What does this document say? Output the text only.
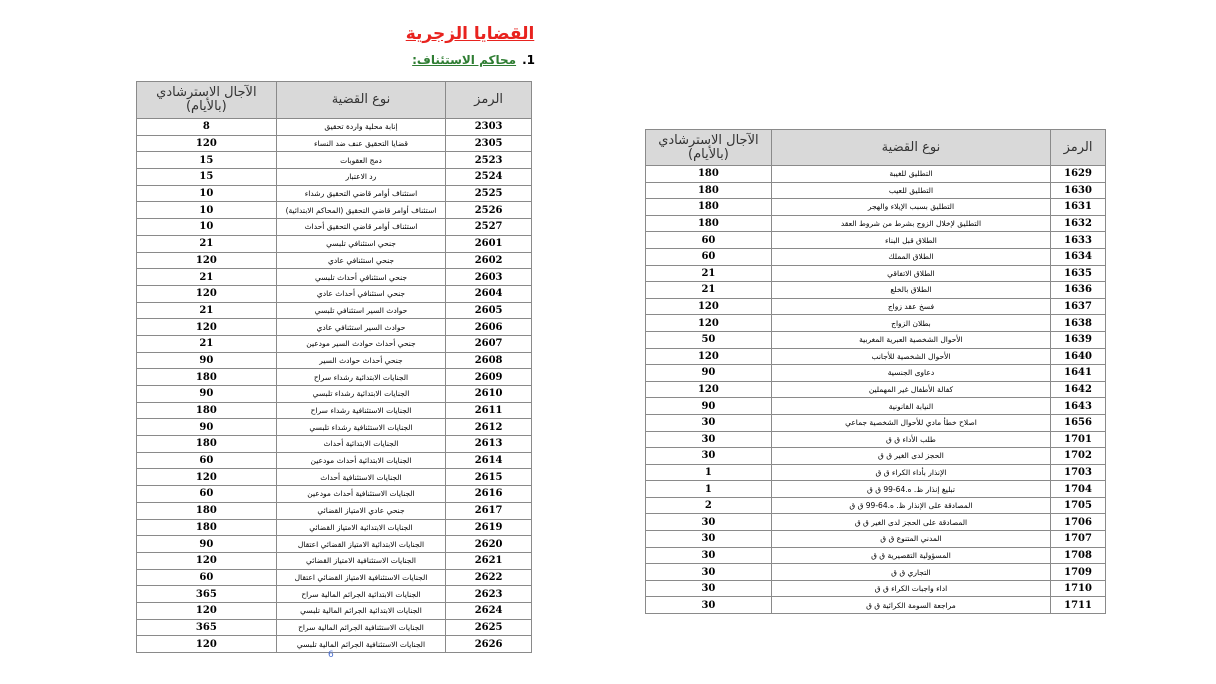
القضايا الزجرية
1.محاكم الاستئناف:
الرمز	نوع القضية	الآجال الاسترشادي (بالأيام)
2303	إنابة محلية واردة تحقيق	8
2305	قضايا التحقيق عنف ضد النساء	120
2523	دمج العقوبات	15
2524	رد الاعتبار	15
2525	استئناف أوامر قاضي التحقيق رشداء	10
2526	استئناف أوامر قاضي التحقيق (المحاكم الابتدائية)	10
2527	استئناف أوامر قاضي التحقيق أحداث	10
2601	جنحي استئنافي تلبسي	21
2602	جنحي استئنافي عادي	120
2603	جنحي استئنافي أحداث تلبسي	21
2604	جنحي استئنافي أحداث عادي	120
2605	حوادث السير استئنافي تلبسي	21
2606	حوادث السير استئنافي عادي	120
2607	جنحي أحداث حوادث السير مودعين	21
2608	جنحي أحداث حوادث السير	90
2609	الجنايات الابتدائية رشداء سراح	180
2610	الجنايات الابتدائية رشداء تلبسي	90
2611	الجنايات الاستئنافية رشداء سراح	180
2612	الجنايات الاستئنافية رشداء تلبسي	90
2613	الجنايات الابتدائية أحداث	180
2614	الجنايات الابتدائية أحداث مودعين	60
2615	الجنايات الاستئنافية أحداث	120
2616	الجنايات الاستئنافية أحداث مودعين	60
2617	جنحي عادي الامتياز القضائي	180
2619	الجنايات الابتدائية الامتياز القضائي	180
2620	الجنايات الابتدائية الامتياز القضائي اعتقال	90
2621	الجنايات الاستئنافية الامتياز القضائي	120
2622	الجنايات الاستئنافية الامتياز القضائي اعتقال	60
2623	الجنايات الابتدائية الجرائم المالية سراح	365
2624	الجنايات الابتدائية الجرائم المالية تلبسي	120
2625	الجنايات الاستئنافية الجرائم المالية سراح	365
2626	الجنايات الاستئنافية الجرائم المالية تلبسي	120
الرمز	نوع القضية	الآجال الاسترشادي (بالأيام)
1629	التطليق للغيبة	180
1630	التطليق للعيب	180
1631	التطليق بسبب الإيلاء والهجر	180
1632	التطليق لإخلال الزوج بشرط من شروط العقد	180
1633	الطلاق قبل البناء	60
1634	الطلاق المملك	60
1635	الطلاق الاتفاقي	21
1636	الطلاق بالخلع	21
1637	فسخ عقد زواج	120
1638	بطلان الزواج	120
1639	الأحوال الشخصية العبرية المغربية	50
1640	الأحوال الشخصية للأجانب	120
1641	دعاوى الجنسية	90
1642	كفالة الأطفال غير المهملين	120
1643	النيابة القانونية	90
1656	اصلاح خطأ مادي للأحوال الشخصية جماعي	30
1701	طلب الأداء ق ق	30
1702	الحجز لدى الغير ق ق	30
1703	الإنذار بأداء الكراء ق ق	1
1704	تبليغ إنذار ظ. ه.64-99 ق ق	1
1705	المصادقة على الإنذار ظ. ه.64-99 ق ق	2
1706	المصادقة على الحجز لدى الغير ق ق	30
1707	المدني المتنوع ق ق	30
1708	المسؤولية التقصيرية ق ق	30
1709	التجاري ق ق	30
1710	اداء واجبات الكراء ق ق	30
1711	مراجعة السومة الكرائية ق ق	30
6
